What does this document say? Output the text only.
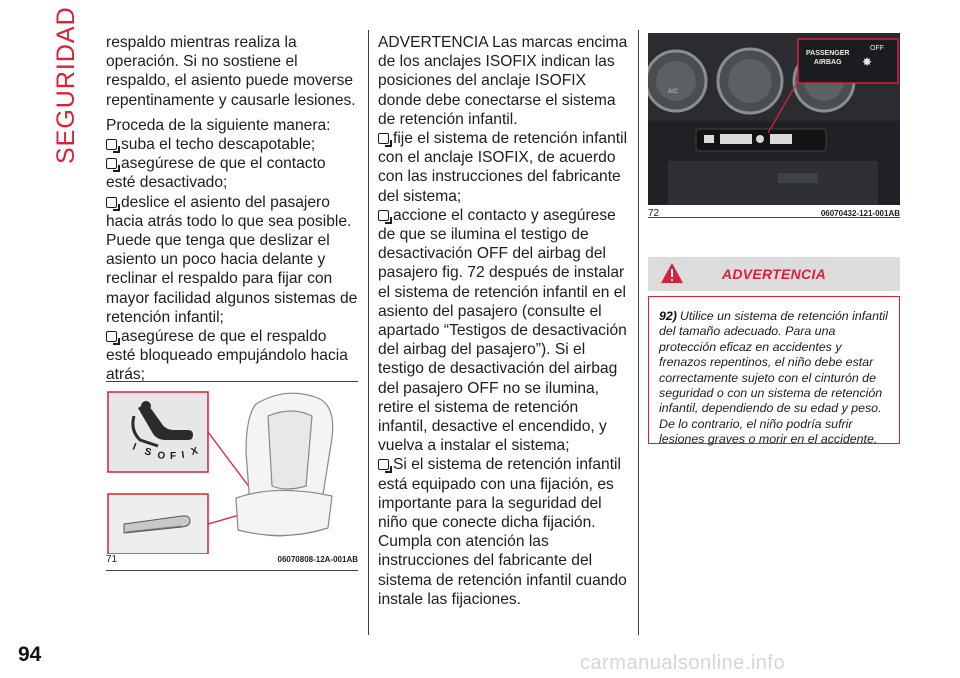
SEGURIDAD respaldo mientras realiza la operación. Si no sostiene el respaldo, el asiento puede moverse repentinamente y causarle lesiones.

Proceda de la siguiente manera:

suba el techo descapotable;

asegúrese de que el contacto esté desactivado;

deslice el asiento del pasajero hacia atrás todo lo que sea posible. Puede que tenga que deslizar el asiento un poco hacia delante y reclinar el respaldo para fijar con mayor facilidad algunos sistemas de retención infantil;

asegúrese de que el respaldo esté bloqueado empujándolo hacia atrás;

I S O F I X
71	06070808-12A-001AB

ADVERTENCIA Las marcas encima de los anclajes ISOFIX indican las posiciones del anclaje ISOFIX donde debe conectarse el sistema de retención infantil.

fije el sistema de retención infantil con el anclaje ISOFIX, de acuerdo con las instrucciones del fabricante del sistema;

accione el contacto y asegúrese de que se ilumina el testigo de desactivación OFF del airbag del pasajero fig. 72 después de instalar el sistema de retención infantil en el asiento del pasajero (consulte el apartado “Testigos de desactivación del airbag del pasajero”). Si el testigo de desactivación del airbag del pasajero OFF no se ilumina, retire el sistema de retención infantil, desactive el encendido, y vuelva a instalar el sistema;

Si el sistema de retención infantil está equipado con una fijación, es importante para la seguridad del niño que conecte dicha fijación. Cumpla con atención las instrucciones del fabricante del sistema de retención infantil cuando instale las fijaciones.

A/C
PASSENGER
AIRBAG
OFF
✸
72	06070432-121-001AB
ADVERTENCIA
92) Utilice un sistema de retención infantil del tamaño adecuado. Para una protección eficaz en accidentes y frenazos repentinos, el niño debe estar correctamente sujeto con el cinturón de seguridad o con un sistema de retención infantil, dependiendo de su edad y peso. De lo contrario, el niño podría sufrir lesiones graves o morir en el accidente.
94	carmanualsonline.info
